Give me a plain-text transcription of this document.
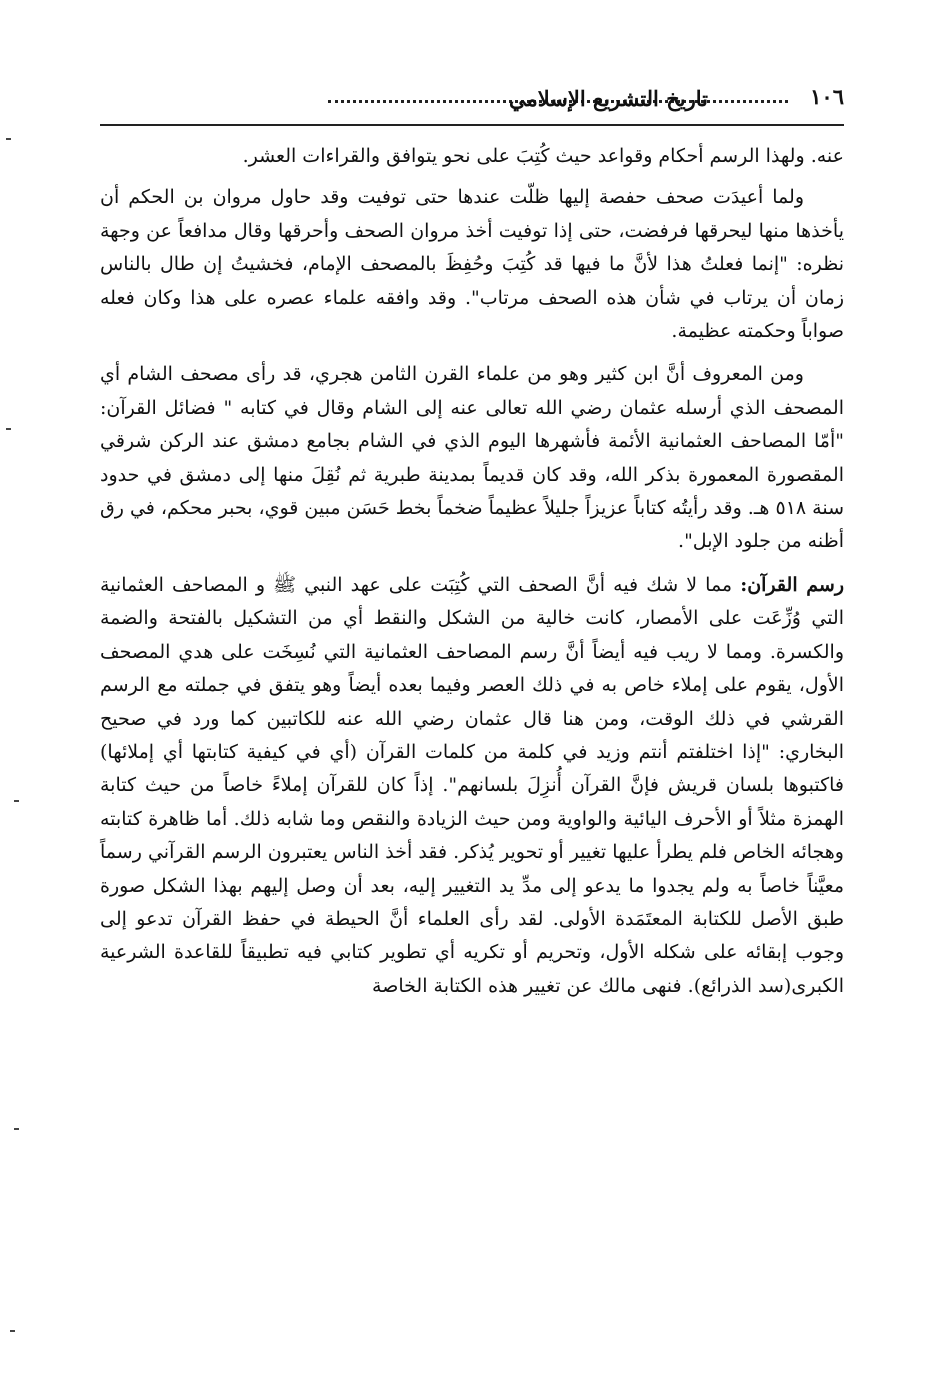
١٠٦
تاريخ التشريع الإسلامي

عنه. ولهذا الرسم أحكام وقواعد حيث كُتِبَ على نحو يتوافق والقراءات العشر.

ولما أعيدَت صحف حفصة إليها ظلّت عندها حتى توفيت وقد حاول مروان بن الحكم أن يأخذها منها ليحرقها فرفضت، حتى إذا توفيت أخذ مروان الصحف وأحرقها وقال مدافعاً عن وجهة نظره: "إنما فعلتُ هذا لأنَّ ما فيها قد كُتِبَ وحُفِظَ بالمصحف الإمام، فخشيتُ إن طال بالناس زمان أن يرتاب في شأن هذه الصحف مرتاب". وقد وافقه علماء عصره على هذا وكان فعله صواباً وحكمته عظيمة.

ومن المعروف أنَّ ابن كثير وهو من علماء القرن الثامن هجري، قد رأى مصحف الشام أي المصحف الذي أرسله عثمان رضي الله تعالى عنه إلى الشام وقال في كتابه " فضائل القرآن: "أمّا المصاحف العثمانية الأئمة فأشهرها اليوم الذي في الشام بجامع دمشق عند الركن شرقي المقصورة المعمورة بذكر الله، وقد كان قديماً بمدينة طبرية ثم نُقِلَ منها إلى دمشق في حدود سنة ٥١٨ هـ. وقد رأيتُه كتاباً عزيزاً جليلاً عظيماً ضخماً بخط حَسَن مبين قوي، بحبر محكم، في رق أظنه من جلود الإبل".

رسم القرآن: مما لا شك فيه أنَّ الصحف التي كُتِبَت على عهد النبي ﷺ و المصاحف العثمانية التي وُزِّعَت على الأمصار، كانت خالية من الشكل والنقط أي من التشكيل بالفتحة والضمة والكسرة. ومما لا ريب فيه أيضاً أنَّ رسم المصاحف العثمانية التي نُسِخَت على هدي المصحف الأول، يقوم على إملاء خاص به في ذلك العصر وفيما بعده أيضاً وهو يتفق في جملته مع الرسم القرشي في ذلك الوقت، ومن هنا قال عثمان رضي الله عنه للكاتبين كما ورد في صحيح البخاري: "إذا اختلفتم أنتم وزيد في كلمة من كلمات القرآن (أي في كيفية كتابتها أي إملائها) فاكتبوها بلسان قريش فإنَّ القرآن أُنزِلَ بلسانهم". إذاً كان للقرآن إملاءً خاصاً من حيث كتابة الهمزة مثلاً أو الأحرف اليائية والواوية ومن حيث الزيادة والنقص وما شابه ذلك. أما ظاهرة كتابته وهجائه الخاص فلم يطرأ عليها تغيير أو تحوير يُذكر. فقد أخذ الناس يعتبرون الرسم القرآني رسماً معيَّناً خاصاً به ولم يجدوا ما يدعو إلى مدِّ يد التغيير إليه، بعد أن وصل إليهم بهذا الشكل صورة طبق الأصل للكتابة المعتَمَدة الأولى. لقد رأى العلماء أنَّ الحيطة في حفظ القرآن تدعو إلى وجوب إبقائه على شكله الأول، وتحريم أو تكريه أي تطوير كتابي فيه تطبيقاً للقاعدة الشرعية الكبرى(سد الذرائع). فنهى مالك عن تغيير هذه الكتابة الخاصة
